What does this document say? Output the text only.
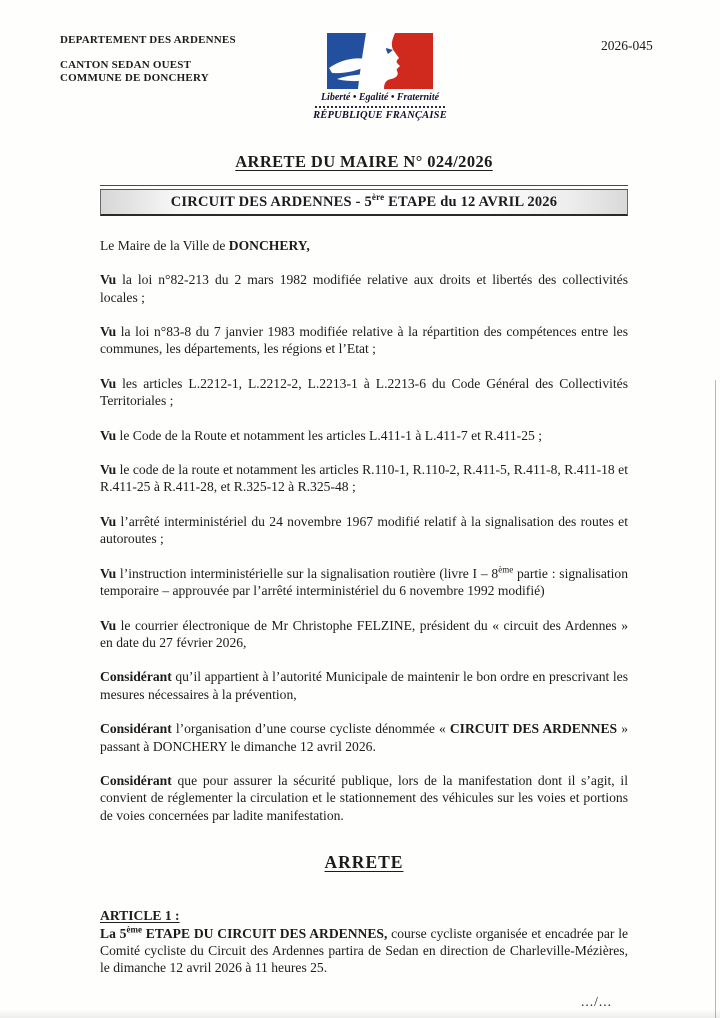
DEPARTEMENT DES ARDENNES
CANTON SEDAN OUEST
COMMUNE DE DONCHERY
2026-045
Liberté • Egalité • Fraternité
RÉPUBLIQUE FRANÇAISE
ARRETE DU MAIRE N° 024/2026
CIRCUIT DES ARDENNES - 5ère ETAPE du 12 AVRIL 2026

Le Maire de la Ville de DONCHERY,

Vu la loi n°82-213 du 2 mars 1982 modifiée relative aux droits et libertés des collectivités locales ;

Vu la loi n°83-8 du 7 janvier 1983 modifiée relative à la répartition des compétences entre les communes, les départements, les régions et l’Etat ;

Vu les articles L.2212-1, L.2212-2, L.2213-1 à L.2213-6 du Code Général des Collectivités Territoriales ;

Vu le Code de la Route et notamment les articles L.411-1 à L.411-7 et R.411-25 ;

Vu le code de la route et notamment les articles R.110-1, R.110-2, R.411-5, R.411-8, R.411-18 et R.411-25 à R.411-28, et R.325-12 à R.325-48 ;

Vu l’arrêté interministériel du 24 novembre 1967 modifié relatif à la signalisation des routes et autoroutes ;

Vu l’instruction interministérielle sur la signalisation routière (livre I – 8ème partie : signalisation temporaire – approuvée par l’arrêté interministériel du 6 novembre 1992 modifié)

Vu le courrier électronique de Mr Christophe FELZINE, président du « circuit des Ardennes » en date du 27 février 2026,

Considérant qu’il appartient à l’autorité Municipale de maintenir le bon ordre en prescrivant les mesures nécessaires à la prévention,

Considérant l’organisation d’une course cycliste dénommée « CIRCUIT DES ARDENNES » passant à DONCHERY le dimanche 12 avril 2026.

Considérant que pour assurer la sécurité publique, lors de la manifestation dont il s’agit, il convient de réglementer la circulation et le stationnement des véhicules sur les voies et portions de voies concernées par ladite manifestation.

ARRETE

ARTICLE 1 :

La 5ème ETAPE DU CIRCUIT DES ARDENNES, course cycliste organisée et encadrée par le Comité cycliste du Circuit des Ardennes partira de Sedan en direction de Charleville-Mézières, le dimanche 12 avril 2026 à 11 heures 25.

.../...
